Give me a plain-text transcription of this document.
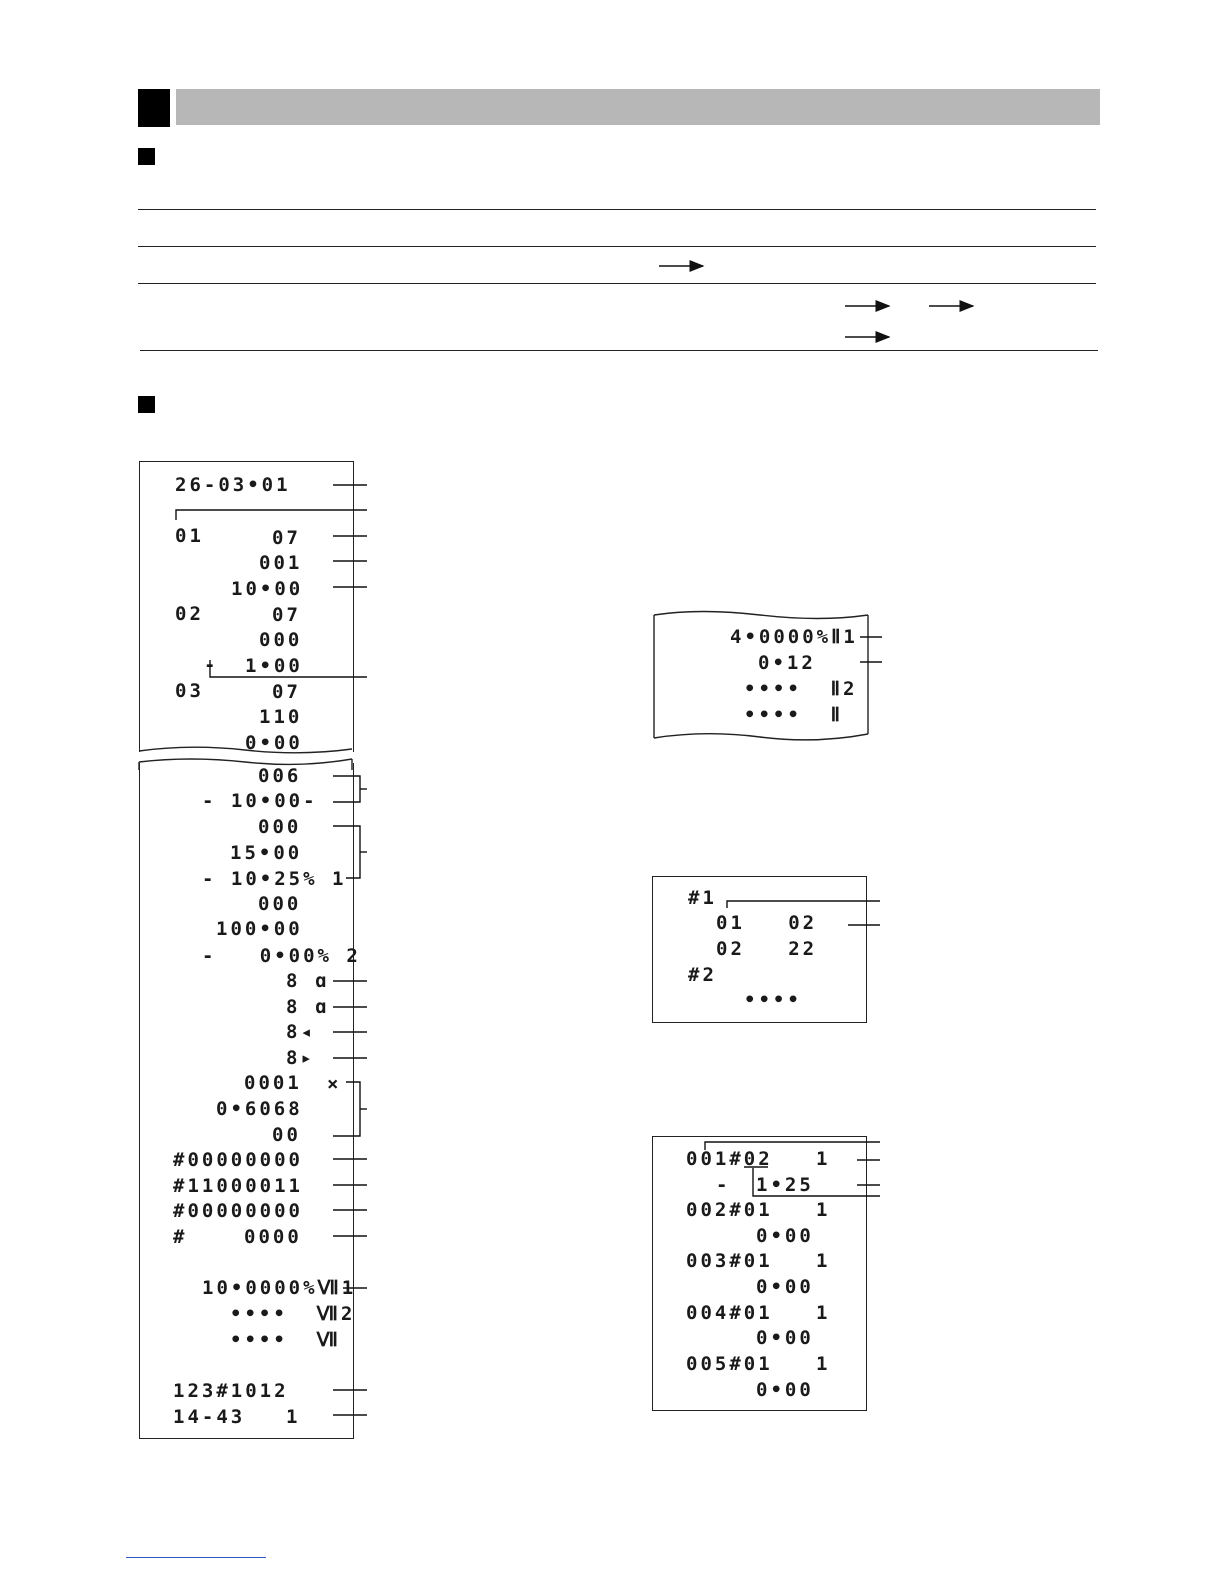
26-03•01
01	07
001
10•00
02	07
000
- 1•00
03	07
110
0•00
006
- 10•00-
000
15•00
- 10•25% 1
000
100•00
-   0•00% 2
8 ɑ
8 ɑ
8◂
8▸
0001 ×
0•6068
00
#00000000
#11000011
#00000000
#	0000
10•0000%Ⅶ1
••••  Ⅶ2
••••  Ⅶ
123#1012
14-43 1
4•0000%Ⅱ1
0•12
••••  Ⅱ2
••••  Ⅱ
#1
01   02
02   22
#2
••••
001#02   1
- 1•25
002#01   1
0•00
003#01   1
0•00
004#01   1
0•00
005#01   1
0•00
